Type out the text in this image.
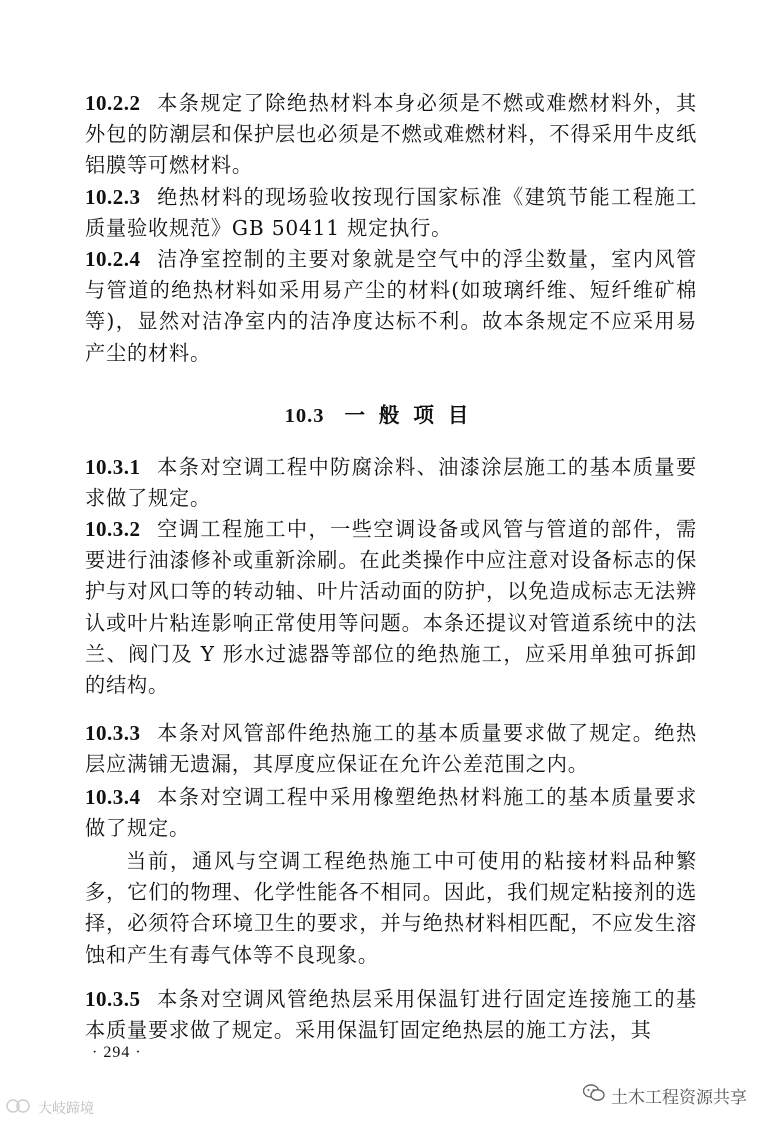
10.2.2 本条规定了除绝热材料本身必须是不燃或难燃材料外，其外包的防潮层和保护层也必须是不燃或难燃材料，不得采用牛皮纸铝膜等可燃材料。

10.2.3 绝热材料的现场验收按现行国家标准《建筑节能工程施工质量验收规范》GB 50411 规定执行。

10.2.4 洁净室控制的主要对象就是空气中的浮尘数量，室内风管与管道的绝热材料如采用易产尘的材料(如玻璃纤维、短纤维矿棉等)，显然对洁净室内的洁净度达标不利。故本条规定不应采用易产尘的材料。

10.3 一般项目

10.3.1 本条对空调工程中防腐涂料、油漆涂层施工的基本质量要求做了规定。

10.3.2 空调工程施工中，一些空调设备或风管与管道的部件，需要进行油漆修补或重新涂刷。在此类操作中应注意对设备标志的保护与对风口等的转动轴、叶片活动面的防护，以免造成标志无法辨认或叶片粘连影响正常使用等问题。本条还提议对管道系统中的法兰、阀门及 Y 形水过滤器等部位的绝热施工，应采用单独可拆卸的结构。

10.3.3 本条对风管部件绝热施工的基本质量要求做了规定。绝热层应满铺无遗漏，其厚度应保证在允许公差范围之内。

10.3.4 本条对空调工程中采用橡塑绝热材料施工的基本质量要求做了规定。

当前，通风与空调工程绝热施工中可使用的粘接材料品种繁多，它们的物理、化学性能各不相同。因此，我们规定粘接剂的选择，必须符合环境卫生的要求，并与绝热材料相匹配，不应发生溶蚀和产生有毒气体等不良现象。

10.3.5 本条对空调风管绝热层采用保温钉进行固定连接施工的基本质量要求做了规定。采用保温钉固定绝热层的施工方法，其

· 294 ·
土木工程资源共享
大岐蹄境
